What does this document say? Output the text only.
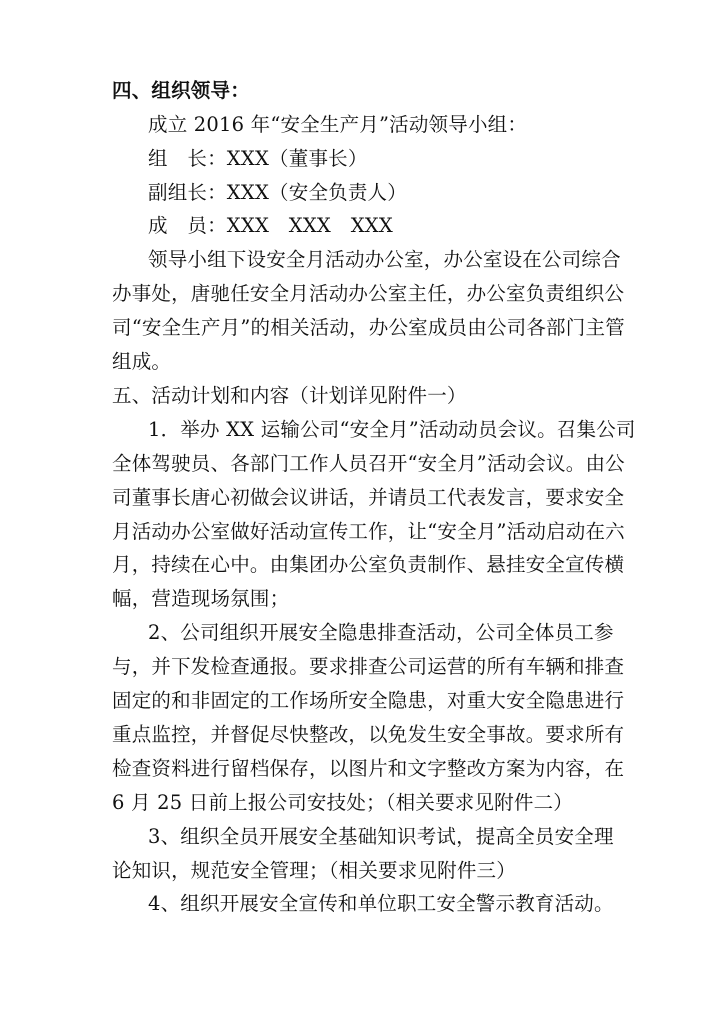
四、组织领导：
成立 2016 年“安全生产月”活动领导小组：
组　长：XXX（董事长）
副组长：XXX（安全负责人）
成　员：XXX　XXX　XXX
领导小组下设安全月活动办公室，办公室设在公司综合
办事处，唐驰任安全月活动办公室主任，办公室负责组织公
司“安全生产月”的相关活动，办公室成员由公司各部门主管
组成。
五、活动计划和内容（计划详见附件一）
1．举办 XX 运输公司“安全月”活动动员会议。召集公司
全体驾驶员、各部门工作人员召开“安全月”活动会议。由公
司董事长唐心初做会议讲话，并请员工代表发言，要求安全
月活动办公室做好活动宣传工作，让“安全月”活动启动在六
月，持续在心中。由集团办公室负责制作、悬挂安全宣传横
幅，营造现场氛围；
2、公司组织开展安全隐患排查活动，公司全体员工参
与，并下发检查通报。要求排查公司运营的所有车辆和排查
固定的和非固定的工作场所安全隐患，对重大安全隐患进行
重点监控，并督促尽快整改，以免发生安全事故。要求所有
检查资料进行留档保存，以图片和文字整改方案为内容，在
6 月 25 日前上报公司安技处；（相关要求见附件二）
3、组织全员开展安全基础知识考试，提高全员安全理
论知识，规范安全管理；（相关要求见附件三）
4、组织开展安全宣传和单位职工安全警示教育活动。
